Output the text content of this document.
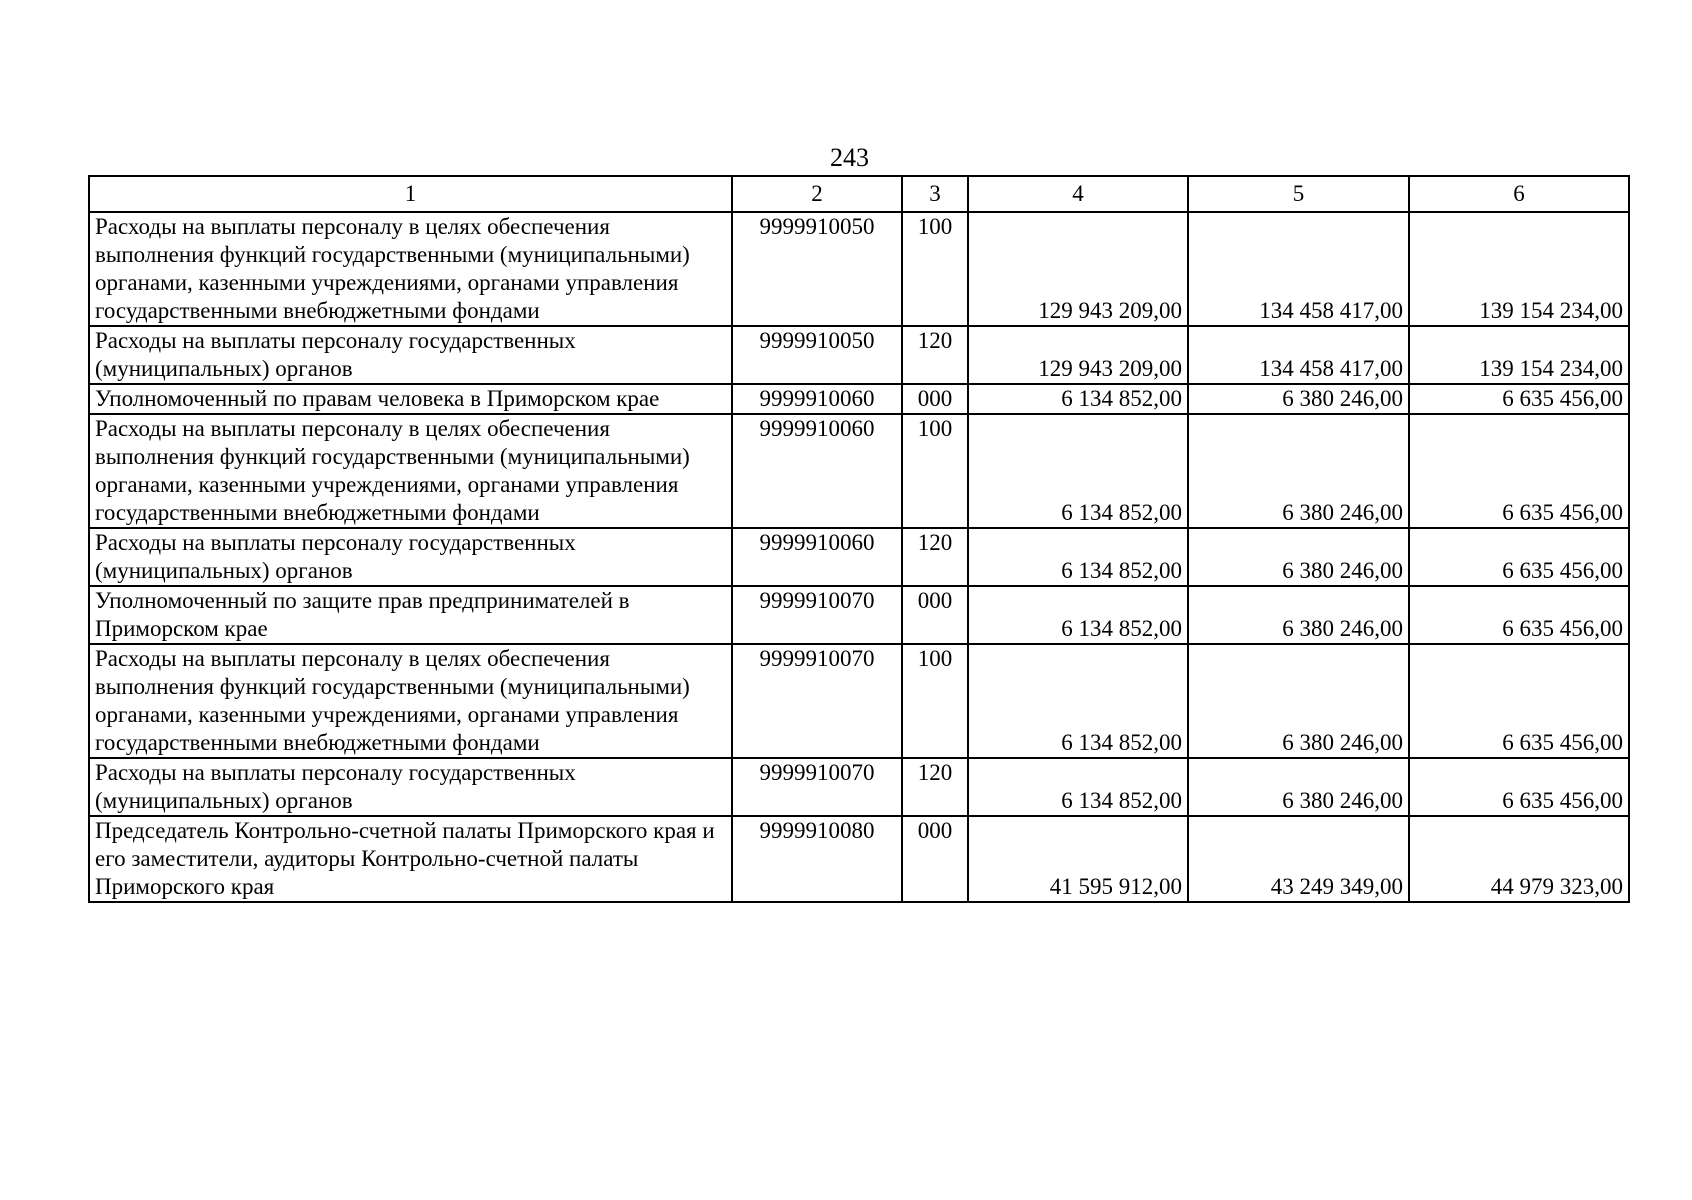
243
1	2	3	4	5	6
Расходы на выплаты персоналу в целях обеспечения выполнения функций государственными (муниципальными) органами, казенными учреждениями, органами управления государственными внебюджетными фондами	9999910050	100	129 943 209,00	134 458 417,00	139 154 234,00
Расходы на выплаты персоналу государственных (муниципальных) органов	9999910050	120	129 943 209,00	134 458 417,00	139 154 234,00
Уполномоченный по правам человека в Приморском крае	9999910060	000	6 134 852,00	6 380 246,00	6 635 456,00
Расходы на выплаты персоналу в целях обеспечения выполнения функций государственными (муниципальными) органами, казенными учреждениями, органами управления государственными внебюджетными фондами	9999910060	100	6 134 852,00	6 380 246,00	6 635 456,00
Расходы на выплаты персоналу государственных (муниципальных) органов	9999910060	120	6 134 852,00	6 380 246,00	6 635 456,00
Уполномоченный по защите прав предпринимателей в Приморском крае	9999910070	000	6 134 852,00	6 380 246,00	6 635 456,00
Расходы на выплаты персоналу в целях обеспечения выполнения функций государственными (муниципальными) органами, казенными учреждениями, органами управления государственными внебюджетными фондами	9999910070	100	6 134 852,00	6 380 246,00	6 635 456,00
Расходы на выплаты персоналу государственных (муниципальных) органов	9999910070	120	6 134 852,00	6 380 246,00	6 635 456,00
Председатель Контрольно-счетной палаты Приморского края и его заместители, аудиторы Контрольно-счетной палаты Приморского края	9999910080	000	41 595 912,00	43 249 349,00	44 979 323,00
